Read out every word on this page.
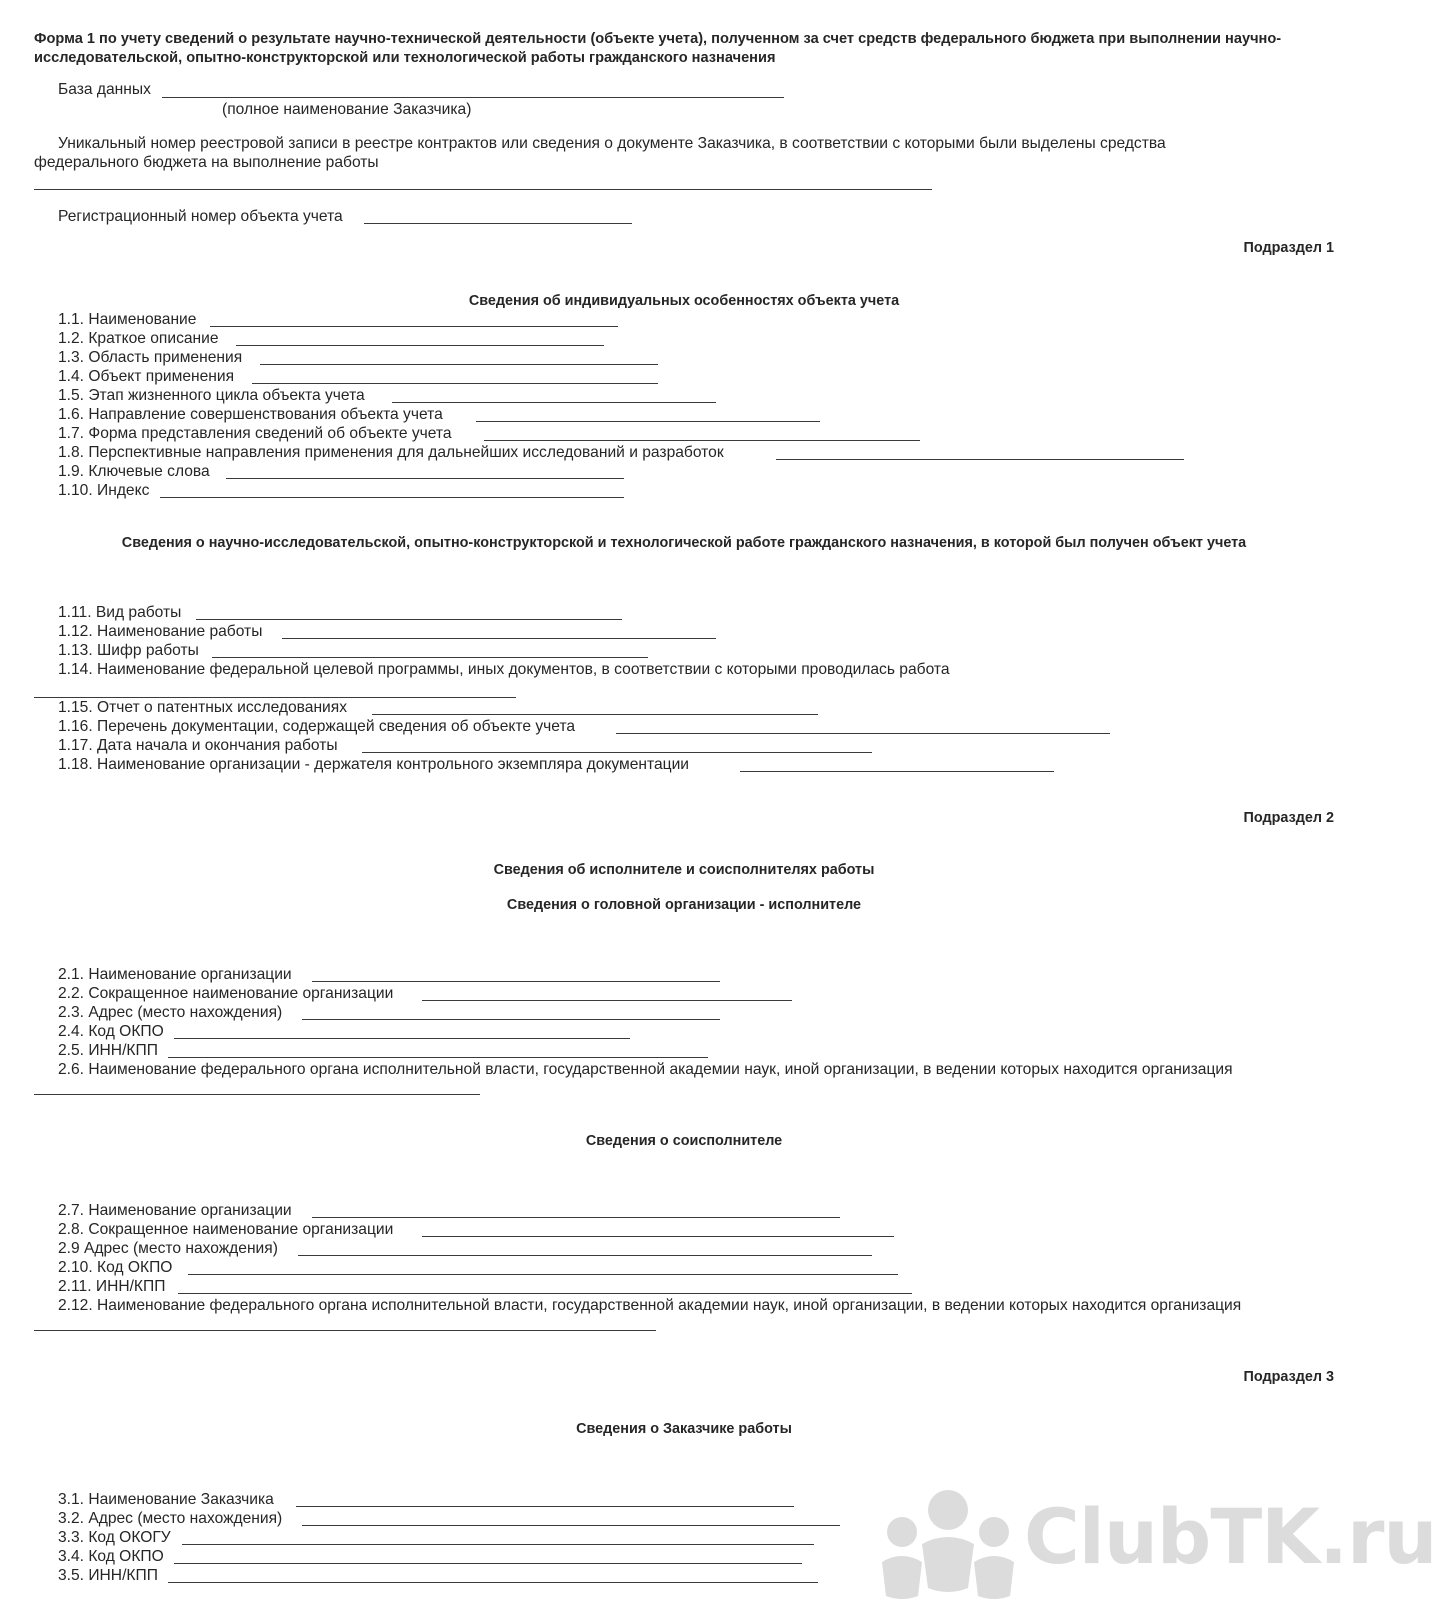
Форма 1 по учету сведений о результате научно-технической деятельности (объекте учета), полученном за счет средств федерального бюджета при выполнении научно-исследовательской, опытно-конструкторской или технологической работы гражданского назначения
База данных
(полное наименование Заказчика)
Уникальный номер реестровой записи в реестре контрактов или сведения о документе Заказчика, в соответствии с которыми были выделены средства
федерального бюджета на выполнение работы
Регистрационный номер объекта учета
Подраздел 1
Сведения об индивидуальных особенностях объекта учета
1.1. Наименование
1.2. Краткое описание
1.3. Область применения
1.4. Объект применения
1.5. Этап жизненного цикла объекта учета
1.6. Направление совершенствования объекта учета
1.7. Форма представления сведений об объекте учета
1.8. Перспективные направления применения для дальнейших исследований и разработок
1.9. Ключевые слова
1.10. Индекс
Сведения о научно-исследовательской, опытно-конструкторской и технологической работе гражданского назначения, в которой был получен объект учета
1.11. Вид работы
1.12. Наименование работы
1.13. Шифр работы
1.14. Наименование федеральной целевой программы, иных документов, в соответствии с которыми проводилась работа
1.15. Отчет о патентных исследованиях
1.16. Перечень документации, содержащей сведения об объекте учета
1.17. Дата начала и окончания работы
1.18. Наименование организации - держателя контрольного экземпляра документации
Подраздел 2
Сведения об исполнителе и соисполнителях работы
Сведения о головной организации - исполнителе
2.1. Наименование организации
2.2. Сокращенное наименование организации
2.3. Адрес (место нахождения)
2.4. Код ОКПО
2.5. ИНН/КПП
2.6. Наименование федерального органа исполнительной власти, государственной академии наук, иной организации, в ведении которых находится организация
Сведения о соисполнителе
2.7. Наименование организации
2.8. Сокращенное наименование организации
2.9 Адрес (место нахождения)
2.10. Код ОКПО
2.11. ИНН/КПП
2.12. Наименование федерального органа исполнительной власти, государственной академии наук, иной организации, в ведении которых находится организация
Подраздел 3
Сведения о Заказчике работы
3.1. Наименование Заказчика
3.2. Адрес (место нахождения)
3.3. Код ОКОГУ
3.4. Код ОКПО
3.5. ИНН/КПП	ClubTK.ru
